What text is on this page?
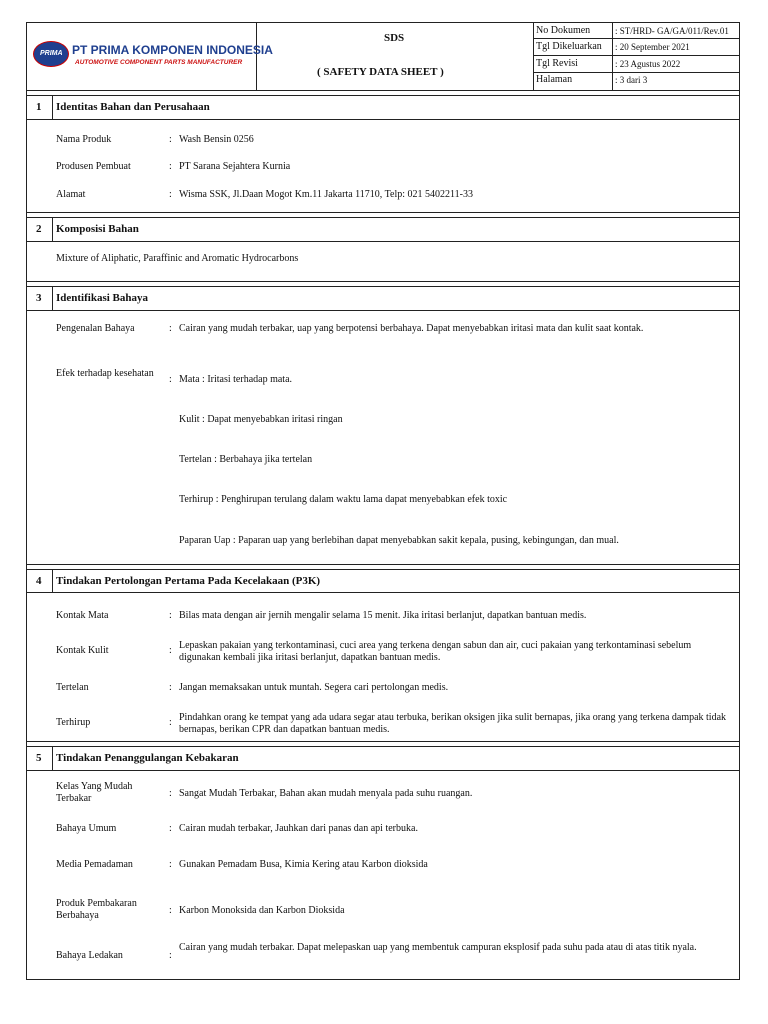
PRIMA PT PRIMA KOMPONEN INDONESIA
AUTOMOTIVE COMPONENT PARTS MANUFACTURER
SDS
( SAFETY DATA SHEET )
No Dokumen	: ST/HRD- GA/GA/011/Rev.01
Tgl Dikeluarkan : 20 September 2021
Tgl Revisi	: 23 Agustus 2022
Halaman	: 3 dari 3
1 Identitas Bahan dan Perusahaan
Nama Produk	: Wash Bensin 0256
Produsen Pembuat	: PT Sarana Sejahtera Kurnia
Alamat	: Wisma SSK, Jl.Daan Mogot Km.11 Jakarta 11710, Telp: 021 5402211-33
2 Komposisi Bahan
Mixture of Aliphatic, Paraffinic and Aromatic Hydrocarbons
3 Identifikasi Bahaya
Pengenalan Bahaya	: Cairan yang mudah terbakar, uap yang berpotensi berbahaya. Dapat menyebabkan iritasi mata dan kulit saat kontak.
Efek terhadap kesehatan
: Mata : Iritasi terhadap mata.
Kulit : Dapat menyebabkan iritasi ringan
Tertelan : Berbahaya jika tertelan
Terhirup : Penghirupan terulang dalam waktu lama dapat menyebabkan efek toxic
Paparan Uap : Paparan uap yang berlebihan dapat menyebabkan sakit kepala, pusing, kebingungan, dan mual.
4 Tindakan Pertolongan Pertama Pada Kecelakaan (P3K)
Kontak Mata	: Bilas mata dengan air jernih mengalir selama 15 menit. Jika iritasi berlanjut, dapatkan bantuan medis.
Kontak Kulit	: Lepaskan pakaian yang terkontaminasi, cuci area yang terkena dengan sabun dan air, cuci pakaian yang terkontaminasi sebelum digunakan kembali jika iritasi berlanjut, dapatkan bantuan medis.
Tertelan	: Jangan memaksakan untuk muntah. Segera cari pertolongan medis.
Terhirup	: Pindahkan orang ke tempat yang ada udara segar atau terbuka, berikan oksigen jika sulit bernapas, jika orang yang terkena dampak tidak bernapas, berikan CPR dan dapatkan bantuan medis.
5 Tindakan Penanggulangan Kebakaran
Kelas Yang Mudah Terbakar	: Sangat Mudah Terbakar, Bahan akan mudah menyala pada suhu ruangan.
Bahaya Umum	: Cairan mudah terbakar, Jauhkan dari panas dan api terbuka.
Media Pemadaman	: Gunakan Pemadam Busa, Kimia Kering atau Karbon dioksida
Produk Pembakaran Berbahaya	: Karbon Monoksida dan Karbon Dioksida
Bahaya Ledakan	:
Cairan yang mudah terbakar. Dapat melepaskan uap yang membentuk campuran eksplosif pada suhu pada atau di atas titik nyala.
